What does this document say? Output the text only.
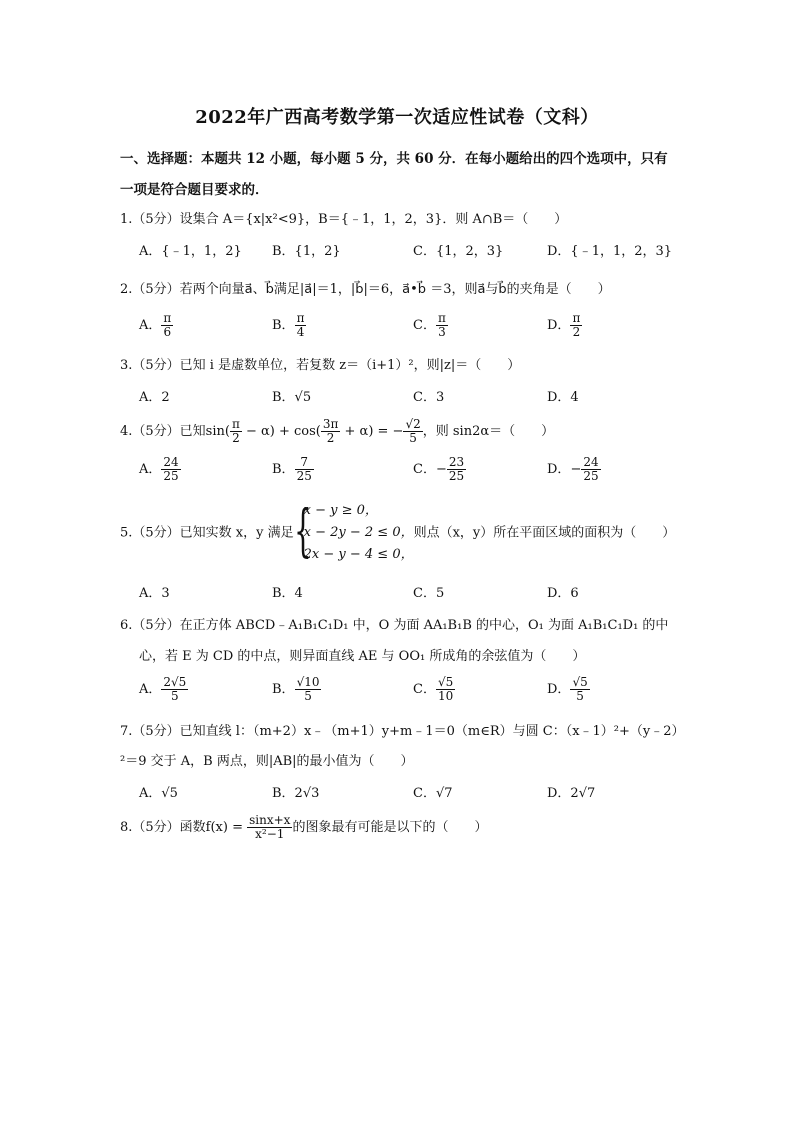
2022年广西高考数学第一次适应性试卷（文科）
一、选择题：本题共 12 小题，每小题 5 分，共 60 分．在每小题给出的四个选项中，只有
一项是符合题目要求的．
1.（5分）设集合 A＝{x|x²<9}，B＝{﹣1，1，2，3}．则 A∩B＝（　　）
A．{﹣1，1，2} B．{1，2}	C．{1，2，3}	D．{﹣1，1，2，3}
2.（5分）若两个向量a⃗、b⃗满足|a⃗|＝1，|b⃗|＝6，a⃗•b⃗ ＝3，则a⃗与b⃗的夹角是（　　）
A． $\frac{\pi}{6}$	B． $\frac{\pi}{4}$	C． $\frac{\pi}{3}$	D． $\frac{\pi}{2}$
3.（5分）已知 i 是虚数单位，若复数 z＝（i+1）²，则|z|＝（　　）
A．2	B．√5	C．3	D．4
4.（5分）已知$\sin( \frac{\pi}{2} - \alpha) + \cos( \frac{3\pi}{2} + \alpha)$ = − $\frac{√2}{5}$ ，则 sin2α＝（　　）
A． $\frac{24}{25}$	B． $\frac{7}{25}$	C．− $\frac{23}{25}$	D．− $\frac{24}{25}$
5.（5分）已知实数 x，y 满足 {
x − y ≥ 0，
x − 2y − 2 ≤ 0，
2x − y − 4 ≤ 0，
则点（x，y）所在平面区域的面积为（　　）
A．3	B．4	C．5	D．6
6.（5分）在正方体 ABCD﹣A₁B₁C₁D₁ 中，O 为面 AA₁B₁B 的中心，O₁ 为面 A₁B₁C₁D₁ 的中
心，若 E 为 CD 的中点，则异面直线 AE 与 OO₁ 所成角的余弦值为（　　）
A． $\frac{2√5}{5}$	B． $\frac{√10}{5}$	C． $\frac{√5}{10}$	D． $\frac{√5}{5}$
7.（5分）已知直线 l：（m+2）x﹣（m+1）y+m﹣1＝0（m∈R）与圆 C：（x﹣1）²+（y﹣2）
²＝9 交于 A，B 两点，则|AB|的最小值为（　　）
A．√5	B．2√3	C．√7	D．2√7
8.（5分）函数$f(x) = \frac{\sin x+x}{\text{x²−1}}$ 的图象最有可能是以下的（　　）
